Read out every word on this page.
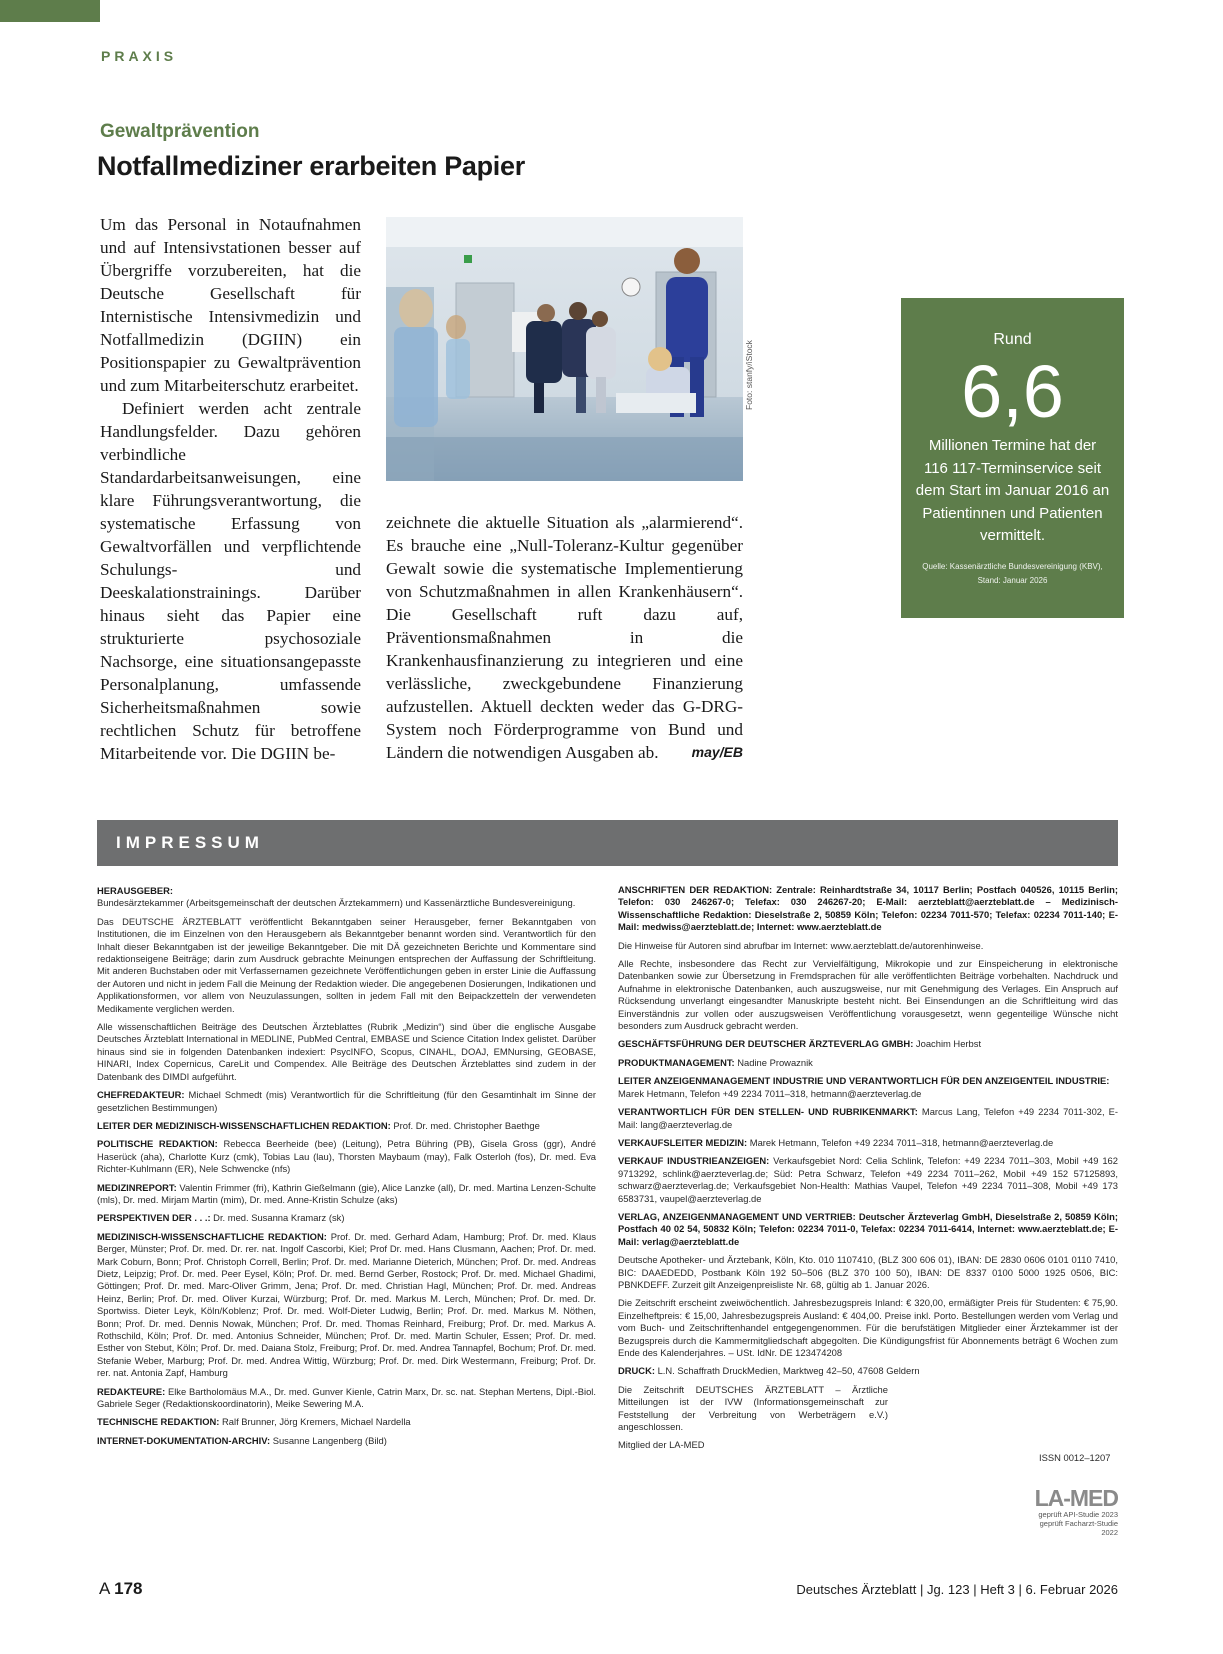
PRAXIS
Gewaltprävention
Notfallmediziner erarbeiten Papier

Um das Personal in Notaufnahmen und auf Intensivstationen besser auf Übergriffe vorzubereiten, hat die Deutsche Gesellschaft für Internistische Intensivmedizin und Notfallmedizin (DGIIN) ein Positionspapier zu Gewaltprävention und zum Mitarbeiterschutz erarbeitet.

Definiert werden acht zentrale Handlungsfelder. Dazu gehören verbindliche Standardarbeitsanweisungen, eine klare Führungsverantwortung, die systematische Erfassung von Gewaltvorfällen und verpflichtende Schulungs- und Deeskalationstrainings. Darüber hinaus sieht das Papier eine strukturierte psychosoziale Nachsorge, eine situationsangepasste Personalplanung, umfassende Sicherheitsmaßnahmen sowie rechtlichen Schutz für betroffene Mitarbeitende vor. Die DGIIN be-

Foto: stanfy/iStock

zeichnete die aktuelle Situation als „alarmierend“. Es brauche eine „Null-Toleranz-Kultur gegenüber Gewalt sowie die systematische Implementierung von Schutzmaßnahmen in allen Krankenhäusern“. Die Gesellschaft ruft dazu auf, Präventionsmaßnahmen in die Krankenhausfinanzierung zu integrieren und eine verlässliche, zweckgebundene Finanzierung aufzustellen. Aktuell deckten weder das G-DRG-System noch Förderprogramme von Bund und Ländern die notwendigen Ausgaben ab. may/EB

Rund
6,6
Millionen Termine hat der 116 117-Terminservice seit dem Start im Januar 2016 an Patientinnen und Patienten vermittelt.
Quelle: Kassenärztliche Bundesvereinigung (KBV), Stand: Januar 2026
IMPRESSUM

HERAUSGEBER:
Bundesärztekammer (Arbeitsgemeinschaft der deutschen Ärztekammern) und Kassenärztliche Bundesvereinigung.

Das DEUTSCHE ÄRZTEBLATT veröffentlicht Bekanntgaben seiner Herausgeber, ferner Bekanntgaben von Institutionen, die im Einzelnen von den Herausgebern als Bekanntgeber benannt worden sind. Verantwortlich für den Inhalt dieser Bekanntgaben ist der jeweilige Bekanntgeber. Die mit DÄ gezeichneten Berichte und Kommentare sind redaktionseigene Beiträge; darin zum Ausdruck gebrachte Meinungen entsprechen der Auffassung der Schriftleitung. Mit anderen Buchstaben oder mit Verfassernamen gezeichnete Veröffentlichungen geben in erster Linie die Auffassung der Autoren und nicht in jedem Fall die Meinung der Redaktion wieder. Die angegebenen Dosierungen, Indikationen und Applikationsformen, vor allem von Neuzulassungen, sollten in jedem Fall mit den Beipackzetteln der verwendeten Medikamente verglichen werden.

Alle wissenschaftlichen Beiträge des Deutschen Ärzteblattes (Rubrik „Medizin“) sind über die englische Ausgabe Deutsches Ärzteblatt International in MEDLINE, PubMed Central, EMBASE und Science Citation Index gelistet. Darüber hinaus sind sie in folgenden Datenbanken indexiert: PsycINFO, Scopus, CINAHL, DOAJ, EMNursing, GEOBASE, HINARI, Index Copernicus, CareLit und Compendex. Alle Beiträge des Deutschen Ärzteblattes sind zudem in der Datenbank des DIMDI aufgeführt.

CHEFREDAKTEUR: Michael Schmedt (mis) Verantwortlich für die Schriftleitung (für den Gesamtinhalt im Sinne der gesetzlichen Bestimmungen)

LEITER DER MEDIZINISCH-WISSENSCHAFTLICHEN REDAKTION: Prof. Dr. med. Christopher Baethge

POLITISCHE REDAKTION: Rebecca Beerheide (bee) (Leitung), Petra Bühring (PB), Gisela Gross (ggr), André Haserück (aha), Charlotte Kurz (cmk), Tobias Lau (lau), Thorsten Maybaum (may), Falk Osterloh (fos), Dr. med. Eva Richter-Kuhlmann (ER), Nele Schwencke (nfs)

MEDIZINREPORT: Valentin Frimmer (fri), Kathrin Gießelmann (gie), Alice Lanzke (all), Dr. med. Martina Lenzen-Schulte (mls), Dr. med. Mirjam Martin (mim), Dr. med. Anne-Kristin Schulze (aks)

PERSPEKTIVEN DER . . .: Dr. med. Susanna Kramarz (sk)

MEDIZINISCH-WISSENSCHAFTLICHE REDAKTION: Prof. Dr. med. Gerhard Adam, Hamburg; Prof. Dr. med. Klaus Berger, Münster; Prof. Dr. med. Dr. rer. nat. Ingolf Cascorbi, Kiel; Prof Dr. med. Hans Clusmann, Aachen; Prof. Dr. med. Mark Coburn, Bonn; Prof. Christoph Correll, Berlin; Prof. Dr. med. Marianne Dieterich, München; Prof. Dr. med. Andreas Dietz, Leipzig; Prof. Dr. med. Peer Eysel, Köln; Prof. Dr. med. Bernd Gerber, Rostock; Prof. Dr. med. Michael Ghadimi, Göttingen; Prof. Dr. med. Marc-Oliver Grimm, Jena; Prof. Dr. med. Christian Hagl, München; Prof. Dr. med. Andreas Heinz, Berlin; Prof. Dr. med. Oliver Kurzai, Würzburg; Prof. Dr. med. Markus M. Lerch, München; Prof. Dr. med. Dr. Sportwiss. Dieter Leyk, Köln/Koblenz; Prof. Dr. med. Wolf-Dieter Ludwig, Berlin; Prof. Dr. med. Markus M. Nöthen, Bonn; Prof. Dr. med. Dennis Nowak, München; Prof. Dr. med. Thomas Reinhard, Freiburg; Prof. Dr. med. Markus A. Rothschild, Köln; Prof. Dr. med. Antonius Schneider, München; Prof. Dr. med. Martin Schuler, Essen; Prof. Dr. med. Esther von Stebut, Köln; Prof. Dr. med. Daiana Stolz, Freiburg; Prof. Dr. med. Andrea Tannapfel, Bochum; Prof. Dr. med. Stefanie Weber, Marburg; Prof. Dr. med. Andrea Wittig, Würzburg; Prof. Dr. med. Dirk Westermann, Freiburg; Prof. Dr. rer. nat. Antonia Zapf, Hamburg

REDAKTEURE: Elke Bartholomäus M.A., Dr. med. Gunver Kienle, Catrin Marx, Dr. sc. nat. Stephan Mertens, Dipl.-Biol. Gabriele Seger (Redaktionskoordinatorin), Meike Sewering M.A.

TECHNISCHE REDAKTION: Ralf Brunner, Jörg Kremers, Michael Nardella

INTERNET-DOKUMENTATION-ARCHIV: Susanne Langenberg (Bild)

ANSCHRIFTEN DER REDAKTION: Zentrale: Reinhardtstraße 34, 10117 Berlin; Postfach 040526, 10115 Berlin; Telefon: 030 246267-0; Telefax: 030 246267-20; E-Mail: aerzteblatt@aerzteblatt.de – Medizinisch-Wissenschaftliche Redaktion: Dieselstraße 2, 50859 Köln; Telefon: 02234 7011-570; Telefax: 02234 7011-140; E-Mail: medwiss@aerzteblatt.de; Internet: www.aerzteblatt.de

Die Hinweise für Autoren sind abrufbar im Internet: www.aerzteblatt.de/autorenhinweise.

Alle Rechte, insbesondere das Recht zur Vervielfältigung, Mikrokopie und zur Einspeicherung in elektronische Datenbanken sowie zur Übersetzung in Fremdsprachen für alle veröffentlichten Beiträge vorbehalten. Nachdruck und Aufnahme in elektronische Datenbanken, auch auszugsweise, nur mit Genehmigung des Verlages. Ein Anspruch auf Rücksendung unverlangt eingesandter Manuskripte besteht nicht. Bei Einsendungen an die Schriftleitung wird das Einverständnis zur vollen oder auszugsweisen Veröffentlichung vorausgesetzt, wenn gegenteilige Wünsche nicht besonders zum Ausdruck gebracht werden.

GESCHÄFTSFÜHRUNG DER DEUTSCHER ÄRZTEVERLAG GMBH: Joachim Herbst

PRODUKTMANAGEMENT: Nadine Prowaznik

LEITER ANZEIGENMANAGEMENT INDUSTRIE UND VERANTWORTLICH FÜR DEN ANZEIGENTEIL INDUSTRIE:
Marek Hetmann, Telefon +49 2234 7011–318, hetmann@aerzteverlag.de

VERANTWORTLICH FÜR DEN STELLEN- UND RUBRIKENMARKT: Marcus Lang, Telefon +49 2234 7011-302, E-Mail: lang@aerzteverlag.de

VERKAUFSLEITER MEDIZIN: Marek Hetmann, Telefon +49 2234 7011–318, hetmann@aerzteverlag.de

VERKAUF INDUSTRIEANZEIGEN: Verkaufsgebiet Nord: Celia Schlink, Telefon: +49 2234 7011–303, Mobil +49 162 9713292, schlink@aerzteverlag.de; Süd: Petra Schwarz, Telefon +49 2234 7011–262, Mobil +49 152 57125893, schwarz@aerzteverlag.de; Verkaufsgebiet Non-Health: Mathias Vaupel, Telefon +49 2234 7011–308, Mobil +49 173 6583731, vaupel@aerzteverlag.de

VERLAG, ANZEIGENMANAGEMENT UND VERTRIEB: Deutscher Ärzteverlag GmbH, Dieselstraße 2, 50859 Köln; Postfach 40 02 54, 50832 Köln; Telefon: 02234 7011-0, Telefax: 02234 7011-6414, Internet: www.aerzteblatt.de; E-Mail: verlag@aerzteblatt.de

Deutsche Apotheker- und Ärztebank, Köln, Kto. 010 1107410, (BLZ 300 606 01), IBAN: DE 2830 0606 0101 0110 7410, BIC: DAAEDEDD, Postbank Köln 192 50–506 (BLZ 370 100 50), IBAN: DE 8337 0100 5000 1925 0506, BIC: PBNKDEFF. Zurzeit gilt Anzeigenpreisliste Nr. 68, gültig ab 1. Januar 2026.

Die Zeitschrift erscheint zweiwöchentlich. Jahresbezugspreis Inland: € 320,00, ermäßigter Preis für Studenten: € 75,90. Einzelheftpreis: € 15,00, Jahresbezugspreis Ausland: € 404,00. Preise inkl. Porto. Bestellungen werden vom Verlag und vom Buch- und Zeitschriftenhandel entgegengenommen. Für die berufstätigen Mitglieder einer Ärztekammer ist der Bezugspreis durch die Kammermitgliedschaft abgegolten. Die Kündigungsfrist für Abonnements beträgt 6 Wochen zum Ende des Kalenderjahres. – USt. IdNr. DE 123474208

DRUCK: L.N. Schaffrath DruckMedien, Marktweg 42–50, 47608 Geldern

Die Zeitschrift DEUTSCHES ÄRZTEBLATT – Ärztliche Mitteilungen ist der IVW (Informationsgemeinschaft zur Feststellung der Verbreitung von Werbeträgern e.V.) angeschlossen.

Mitglied der LA-MED

ISSN 0012–1207
LA-MED
geprüft API-Studie 2023
geprüft Facharzt-Studie 2022
A 178	Deutsches Ärzteblatt | Jg. 123 | Heft 3 | 6. Februar 2026
